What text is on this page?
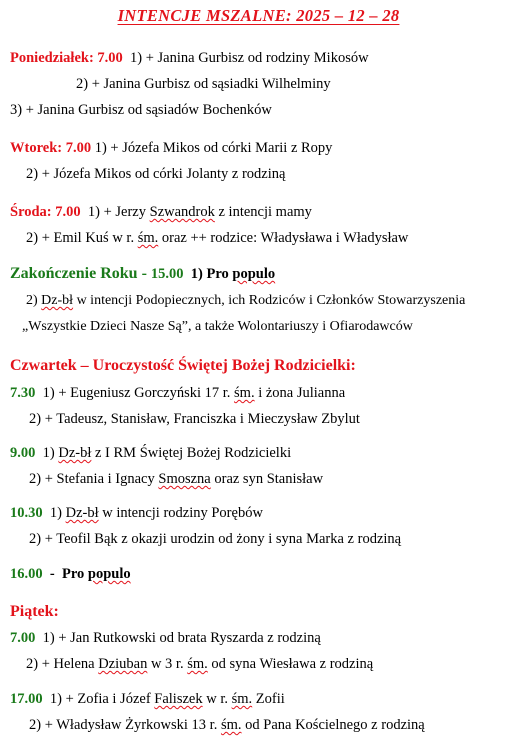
INTENCJE MSZALNE: 2025 – 12 – 28
Poniedziałek: 7.00 1) + Janina Gurbisz od rodziny Mikosów
2) + Janina Gurbisz od sąsiadki Wilhelminy
3) + Janina Gurbisz od sąsiadów Bochenków
Wtorek: 7.00 1) + Józefa Mikos od córki Marii z Ropy
2) + Józefa Mikos od córki Jolanty z rodziną
Środa: 7.00 1) + Jerzy Szwandrok z intencji mamy
2) + Emil Kuś w r. śm. oraz ++ rodzice: Władysława i Władysław
Zakończenie Roku - 15.00 1) Pro populo
2) Dz-bł w intencji Podopiecznych, ich Rodziców i Członków Stowarzyszenia
„Wszystkie Dzieci Nasze Są”, a także Wolontariuszy i Ofiarodawców
Czwartek – Uroczystość Świętej Bożej Rodzicielki:
7.30 1) + Eugeniusz Gorczyński 17 r. śm. i żona Julianna
2) + Tadeusz, Stanisław, Franciszka i Mieczysław Zbylut
9.00 1) Dz-bł z I RM Świętej Bożej Rodzicielki
2) + Stefania i Ignacy Smoszna oraz syn Stanisław
10.30 1) Dz-bł w intencji rodziny Porębów
2) + Teofil Bąk z okazji urodzin od żony i syna Marka z rodziną
16.00  -  Pro populo
Piątek:
7.00 1) + Jan Rutkowski od brata Ryszarda z rodziną
2) + Helena Dziuban w 3 r. śm. od syna Wiesława z rodziną
17.00 1) + Zofia i Józef Faliszek w r. śm. Zofii
2) + Władysław Żyrkowski 13 r. śm. od Pana Kościelnego z rodziną
